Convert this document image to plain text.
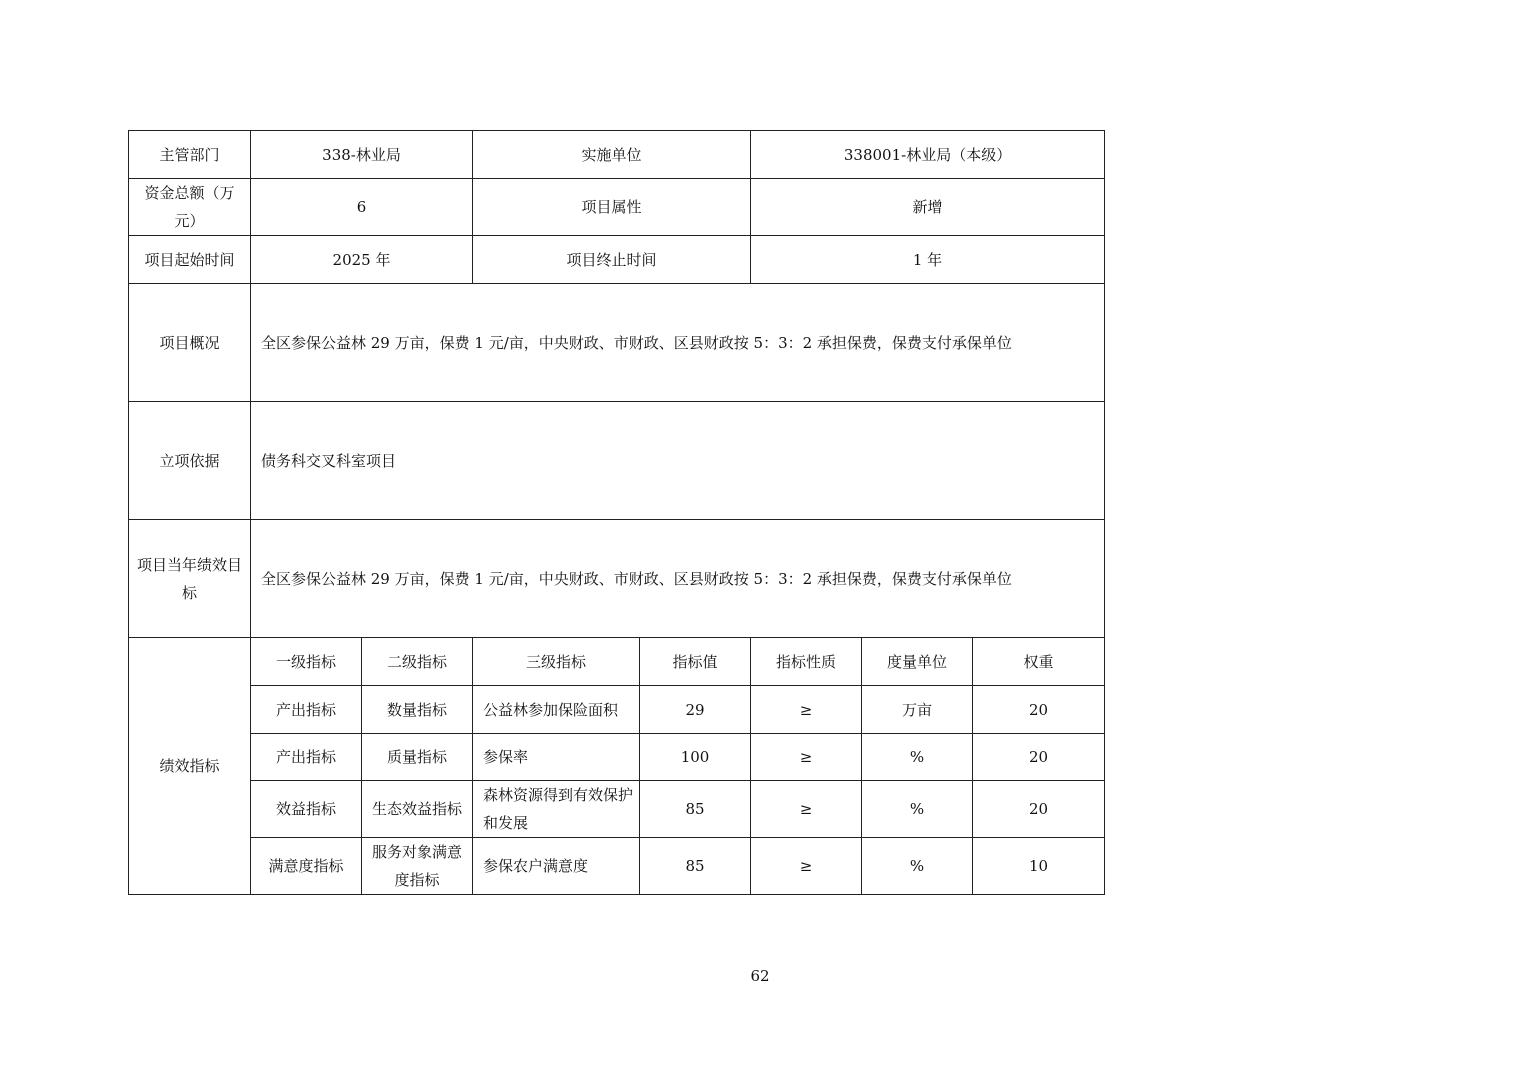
主管部门	338-林业局		实施单位		338001-林业局（本级）		
资金总额（万元）	6		项目属性		新增		
项目起始时间	2025 年		项目终止时间		1 年		
项目概况	全区参保公益林 29 万亩，保费 1 元/亩，中央财政、市财政、区县财政按 5：3：2 承担保费，保费支付承保单位						
立项依据	债务科交叉科室项目						
项目当年绩效目标	全区参保公益林 29 万亩，保费 1 元/亩，中央财政、市财政、区县财政按 5：3：2 承担保费，保费支付承保单位						
绩效指标	一级指标	二级指标	三级指标	指标值	指标性质	度量单位	权重
	产出指标	数量指标	公益林参加保险面积	29	≥	万亩	20
	产出指标	质量指标	参保率	100	≥	%	20
	效益指标	生态效益指标	森林资源得到有效保护和发展	85	≥	%	20
	满意度指标	服务对象满意度指标	参保农户满意度	85	≥	%	10
62
